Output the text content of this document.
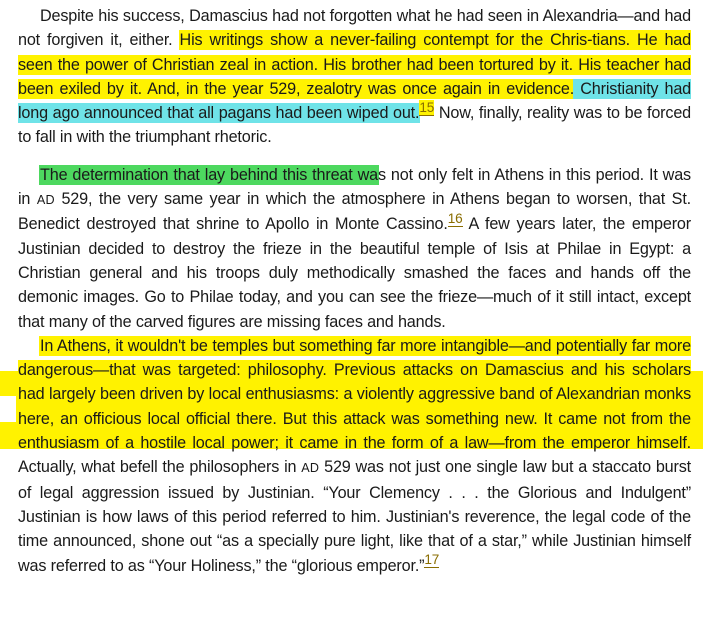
Despite his success, Damascius had not forgotten what he had seen in Alexandria—and had not forgiven it, either. His writings show a never-failing contempt for the Chris-tians. He had seen the power of Christian zeal in action. His brother had been tortured by it. His teacher had been exiled by it. And, in the year 529, zealotry was once again in evidence. Christianity had long ago announced that all pagans had been wiped out.$^{15}$ Now, finally, reality was to be forced to fall in with the triumphant rhetoric.

The determination that lay behind this threat was not only felt in Athens in this period. It was in AD 529, the very same year in which the atmosphere in Athens began to worsen, that St. Benedict destroyed that shrine to Apollo in Monte Cassino.$^{16}$ A few years later, the emperor Justinian decided to destroy the frieze in the beautiful temple of Isis at Philae in Egypt: a Christian general and his troops duly methodically smashed the faces and hands off the demonic images. Go to Philae today, and you can see the frieze—much of it still intact, except that many of the carved figures are missing faces and hands.

In Athens, it wouldn't be temples but something far more intangible—and potentially far more dangerous—that was targeted: philosophy. Previous attacks on Damascius and his scholars had largely been driven by local enthusiasms: a violently aggressive band of Alexandrian monks here, an officious local official there. But this attack was something new. It came not from the enthusiasm of a hostile local power; it came in the form of a law—from the emperor himself. Actually, what befell the philosophers in AD 529 was not just one single law but a staccato burst of legal aggression issued by Justinian. “Your Clemency . . . the Glorious and Indulgent” Justinian is how laws of this period referred to him. Justinian's reverence, the legal code of the time announced, shone out “as a specially pure light, like that of a star,” while Justinian himself was referred to as “Your Holiness,” the “glorious emperor.”$^{17}$
